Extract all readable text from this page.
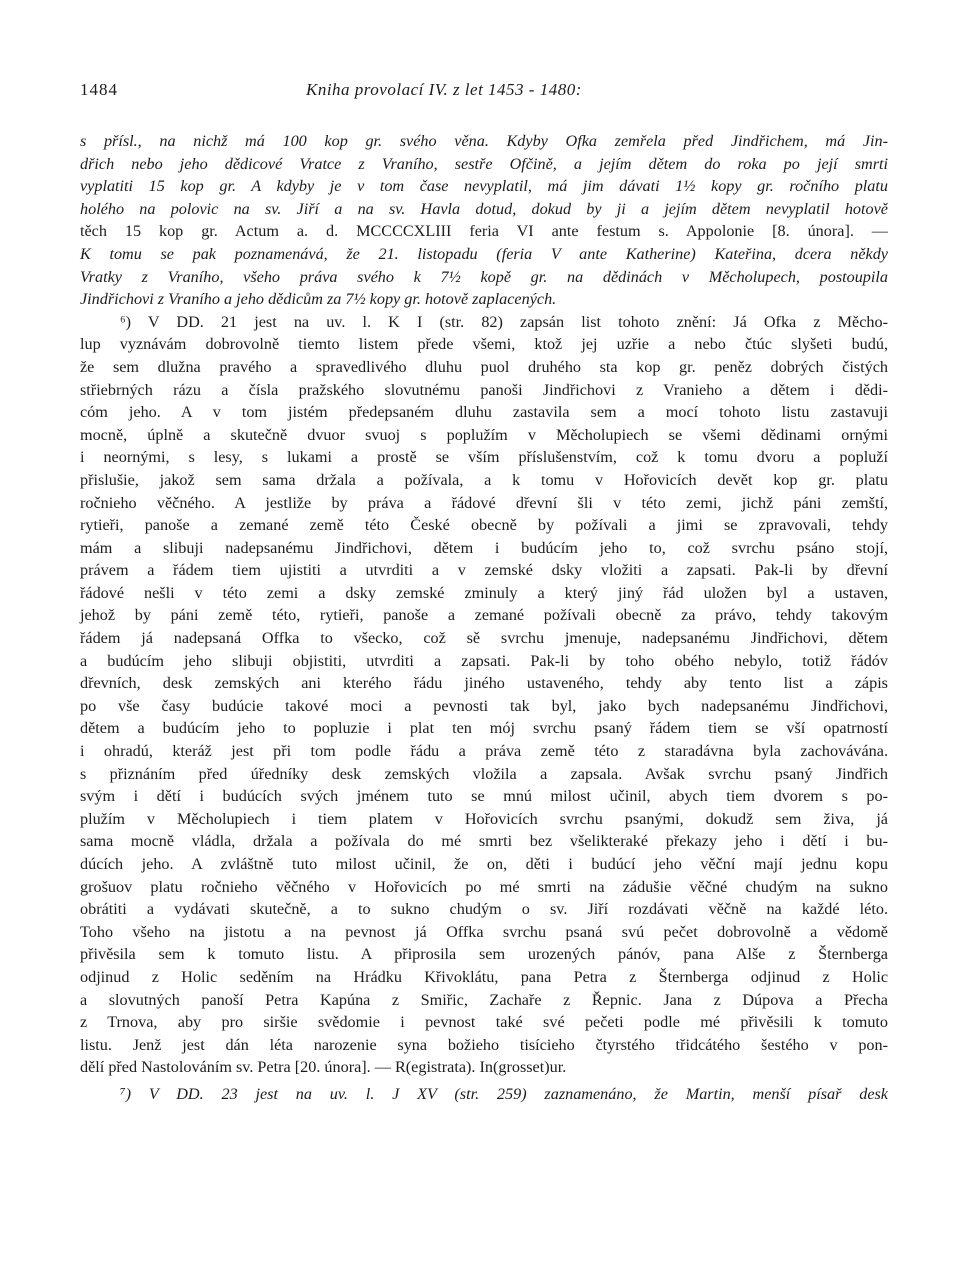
1484	Kniha provolací IV. z let 1453 - 1480:
s přísl., na nichž má 100 kop gr. svého věna. Kdyby Ofka zemřela před Jindřichem, má Jin-
dřich nebo jeho dědicové Vratce z Vraního, sestře Ofčině, a jejím dětem do roka po její smrti
vyplatiti 15 kop gr. A kdyby je v tom čase nevyplatil, má jim dávati 1½ kopy gr. ročního platu
holého na polovic na sv. Jiří a na sv. Havla dotud, dokud by ji a jejím dětem nevyplatil hotově
těch 15 kop gr. Actum a. d. MCCCCXLIII feria VI ante festum s. Appolonie [8. února]. —
K tomu se pak poznamenává, že 21. listopadu (feria V ante Katherine) Kateřina, dcera někdy
Vratky z Vraního, všeho práva svého k 7½ kopě gr. na dědinách v Měcholupech, postoupila
Jindřichovi z Vraního a jeho dědicům za 7½ kopy gr. hotově zaplacených.
⁶) V DD. 21 jest na uv. l. K I (str. 82) zapsán list tohoto znění: Já Ofka z Měcho-
lup vyznávám dobrovolně tiemto listem přede všemi, ktož jej uzřie a nebo čtúc slyšeti budú,
že sem dlužna pravého a spravedlivého dluhu puol druhého sta kop gr. peněz dobrých čistých
střiebrných rázu a čísla pražského slovutnému panoši Jindřichovi z Vranieho a dětem i dědi-
cóm jeho. A v tom jistém předepsaném dluhu zastavila sem a mocí tohoto listu zastavuji
mocně, úplně a skutečně dvuor svuoj s poplužím v Měcholupiech se všemi dědinami ornými
i neornými, s lesy, s lukami a prostě se vším příslušenstvím, což k tomu dvoru a popluží
přislušie, jakož sem sama držala a požívala, a k tomu v Hořovicích devět kop gr. platu
ročnieho věčného. A jestliže by práva a řádové dřevní šli v této zemi, jichž páni zemští,
rytieři, panoše a zemané země této České obecně by požívali a jimi se zpravovali, tehdy
mám a slibuji nadepsanému Jindřichovi, dětem i budúcím jeho to, což svrchu psáno stojí,
právem a řádem tiem ujistiti a utvrditi a v zemské dsky vložiti a zapsati. Pak-li by dřevní
řádové nešli v této zemi a dsky zemské zminuly a který jiný řád uložen byl a ustaven,
jehož by páni země této, rytieři, panoše a zemané požívali obecně za právo, tehdy takovým
řádem já nadepsaná Offka to všecko, což sě svrchu jmenuje, nadepsanému Jindřichovi, dětem
a budúcím jeho slibuji objistiti, utvrditi a zapsati. Pak-li by toho obého nebylo, totiž řádóv
dřevních, desk zemských ani kterého řádu jiného ustaveného, tehdy aby tento list a zápis
po vše časy budúcie takové moci a pevnosti tak byl, jako bych nadepsanému Jindřichovi,
dětem a budúcím jeho to popluzie i plat ten mój svrchu psaný řádem tiem se vší opatrností
i ohradú, kteráž jest při tom podle řádu a práva země této z staradávna byla zachovávána.
s přiznáním před úředníky desk zemských vložila a zapsala. Avšak svrchu psaný Jindřich
svým i dětí i budúcích svých jménem tuto se mnú milost učinil, abych tiem dvorem s po-
plužím v Měcholupiech i tiem platem v Hořovicích svrchu psanými, dokudž sem živa, já
sama mocně vládla, držala a požívala do mé smrti bez všelikteraké překazy jeho i dětí i bu-
dúcích jeho. A zvláštně tuto milost učinil, že on, děti i budúcí jeho věční mají jednu kopu
grošuov platu ročnieho věčného v Hořovicích po mé smrti na zádušie věčné chudým na sukno
obrátiti a vydávati skutečně, a to sukno chudým o sv. Jiří rozdávati věčně na každé léto.
Toho všeho na jistotu a na pevnost já Offka svrchu psaná svú pečet dobrovolně a vědomě
přivěsila sem k tomuto listu. A připrosila sem urozených pánóv, pana Alše z Šternberga
odjinud z Holic seděním na Hrádku Křivoklátu, pana Petra z Šternberga odjinud z Holic
a slovutných panoší Petra Kapúna z Smiřic, Zachaře z Řepnic. Jana z Dúpova a Přecha
z Trnova, aby pro siršie svědomie i pevnost také své pečeti podle mé přivěsili k tomuto
listu. Jenž jest dán léta narozenie syna božieho tisícieho čtyrstého třidcátého šestého v pon-
dělí před Nastolováním sv. Petra [20. února]. — R(egistrata). In(grosset)ur.
⁷) V DD. 23 jest na uv. l. J XV (str. 259) zaznamenáno, že Martin, menší písař desk
